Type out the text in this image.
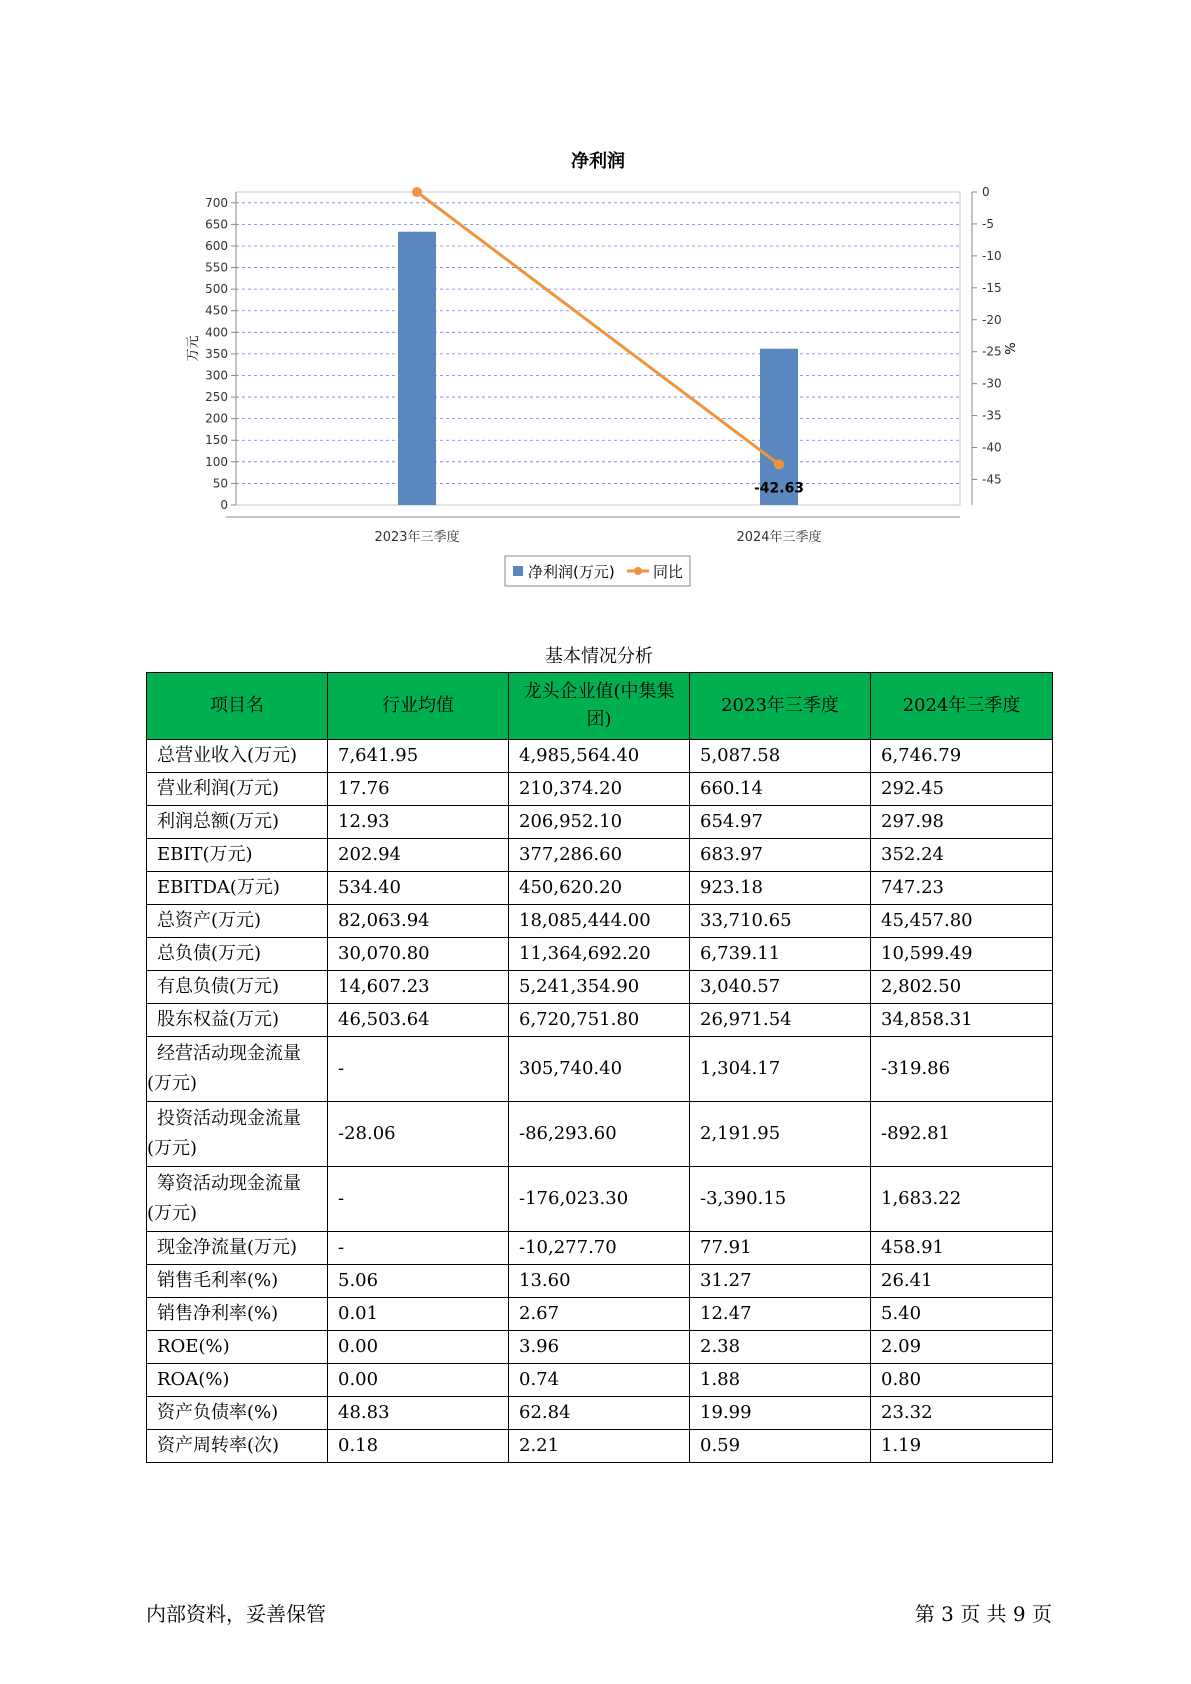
净利润
0
50
100
150
200
250
300
350
400
450
500
550
600
650
700
0
-5
-10
-15
-20
-25
-30
-35
-40
-45
万元	%
2023年三季度	2024年三季度
-42.63
净利润(万元)	同比
基本情况分析
项目名	行业均值	龙头企业值(中集集团)	2023年三季度	2024年三季度
总营业收入(万元)	7,641.95	4,985,564.40	5,087.58	6,746.79
营业利润(万元)	17.76	210,374.20	660.14	292.45
利润总额(万元)	12.93	206,952.10	654.97	297.98
EBIT(万元)	202.94	377,286.60	683.97	352.24
EBITDA(万元)	534.40	450,620.20	923.18	747.23
总资产(万元)	82,063.94	18,085,444.00	33,710.65	45,457.80
总负债(万元)	30,070.80	11,364,692.20	6,739.11	10,599.49
有息负债(万元)	14,607.23	5,241,354.90	3,040.57	2,802.50
股东权益(万元)	46,503.64	6,720,751.80	26,971.54	34,858.31
经营活动现金流量(万元)	-	305,740.40	1,304.17	-319.86
投资活动现金流量(万元)	-28.06	-86,293.60	2,191.95	-892.81
筹资活动现金流量(万元)	-	-176,023.30	-3,390.15	1,683.22
现金净流量(万元)	-	-10,277.70	77.91	458.91
销售毛利率(%)	5.06	13.60	31.27	26.41
销售净利率(%)	0.01	2.67	12.47	5.40
ROE(%)	0.00	3.96	2.38	2.09
ROA(%)	0.00	0.74	1.88	0.80
资产负债率(%)	48.83	62.84	19.99	23.32
资产周转率(次)	0.18	2.21	0.59	1.19
内部资料，妥善保管	第 3 页 共 9 页
